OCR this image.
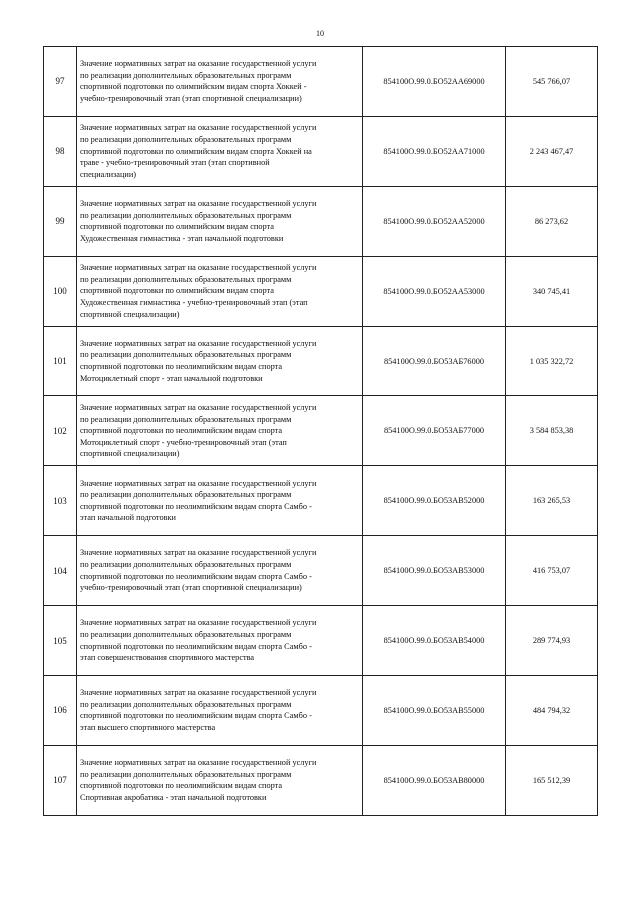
10
97	Значение нормативных затрат на оказание государственной услуги
по реализации дополнительных образовательных программ
спортивной подготовки по олимпийским видам спорта Хоккей -
учебно-тренировочный этап (этап спортивной специализации)	854100О.99.0.БО52АА69000	545 766,07
98	Значение нормативных затрат на оказание государственной услуги
по реализации дополнительных образовательных программ
спортивной подготовки по олимпийским видам спорта Хоккей на
траве - учебно-тренировочный этап (этап спортивной
специализации)	854100О.99.0.БО52АА71000	2 243 467,47
99	Значение нормативных затрат на оказание государственной услуги
по реализации дополнительных образовательных программ
спортивной подготовки по олимпийским видам спорта
Художественная гимнастика - этап начальной подготовки	854100О.99.0.БО52АА52000	86 273,62
100	Значение нормативных затрат на оказание государственной услуги
по реализации дополнительных образовательных программ
спортивной подготовки по олимпийским видам спорта
Художественная гимнастика - учебно-тренировочный этап (этап
спортивной специализации)	854100О.99.0.БО52АА53000	340 745,41
101	Значение нормативных затрат на оказание государственной услуги
по реализации дополнительных образовательных программ
спортивной подготовки по неолимпийским видам спорта
Мотоциклетный спорт - этап начальной подготовки	854100О.99.0.БО53АБ76000	1 035 322,72
102	Значение нормативных затрат на оказание государственной услуги
по реализации дополнительных образовательных программ
спортивной подготовки по неолимпийским видам спорта
Мотоциклетный спорт - учебно-тренировочный этап (этап
спортивной специализации)	854100О.99.0.БО53АБ77000	3 584 853,38
103	Значение нормативных затрат на оказание государственной услуги
по реализации дополнительных образовательных программ
спортивной подготовки по неолимпийским видам спорта Самбо -
этап начальной подготовки	854100О.99.0.БО53АВ52000	163 265,53
104	Значение нормативных затрат на оказание государственной услуги
по реализации дополнительных образовательных программ
спортивной подготовки по неолимпийским видам спорта Самбо -
учебно-тренировочный этап (этап спортивной специализации)	854100О.99.0.БО53АВ53000	416 753,07
105	Значение нормативных затрат на оказание государственной услуги
по реализации дополнительных образовательных программ
спортивной подготовки по неолимпийским видам спорта Самбо -
этап совершенствования спортивного мастерства	854100О.99.0.БО53АВ54000	289 774,93
106	Значение нормативных затрат на оказание государственной услуги
по реализации дополнительных образовательных программ
спортивной подготовки по неолимпийским видам спорта Самбо -
этап высшего спортивного мастерства	854100О.99.0.БО53АВ55000	484 794,32
107	Значение нормативных затрат на оказание государственной услуги
по реализации дополнительных образовательных программ
спортивной подготовки по неолимпийским видам спорта
Спортивная акробатика - этап начальной подготовки	854100О.99.0.БО53АВ80000	165 512,39
